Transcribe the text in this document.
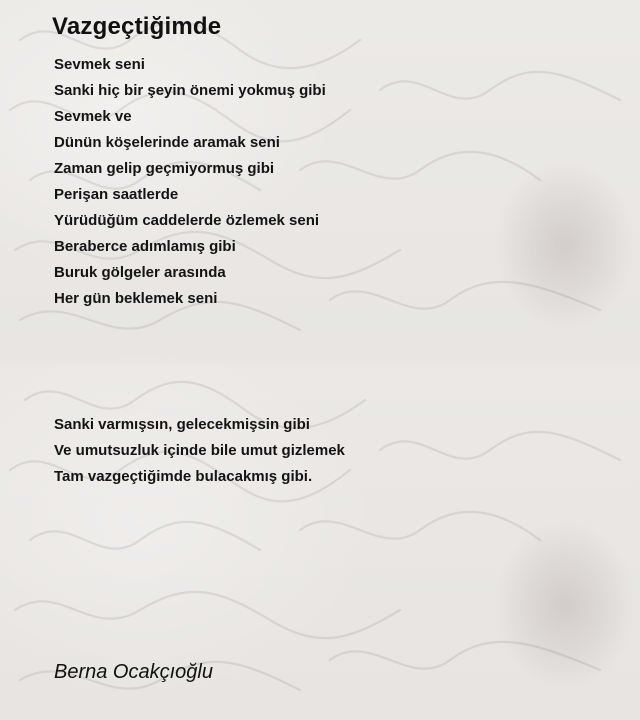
Vazgeçtiğimde
Sevmek seni
Sanki hiç bir şeyin önemi yokmuş gibi
Sevmek ve
Dünün köşelerinde aramak seni
Zaman gelip geçmiyormuş gibi
Perişan saatlerde
Yürüdüğüm caddelerde özlemek seni
Beraberce adımlamış gibi
Buruk gölgeler arasında
Her gün beklemek seni
Sanki varmışsın, gelecekmişsin gibi
Ve umutsuzluk içinde bile umut gizlemek
Tam vazgeçtiğimde bulacakmış gibi.

Berna Ocakçıoğlu
